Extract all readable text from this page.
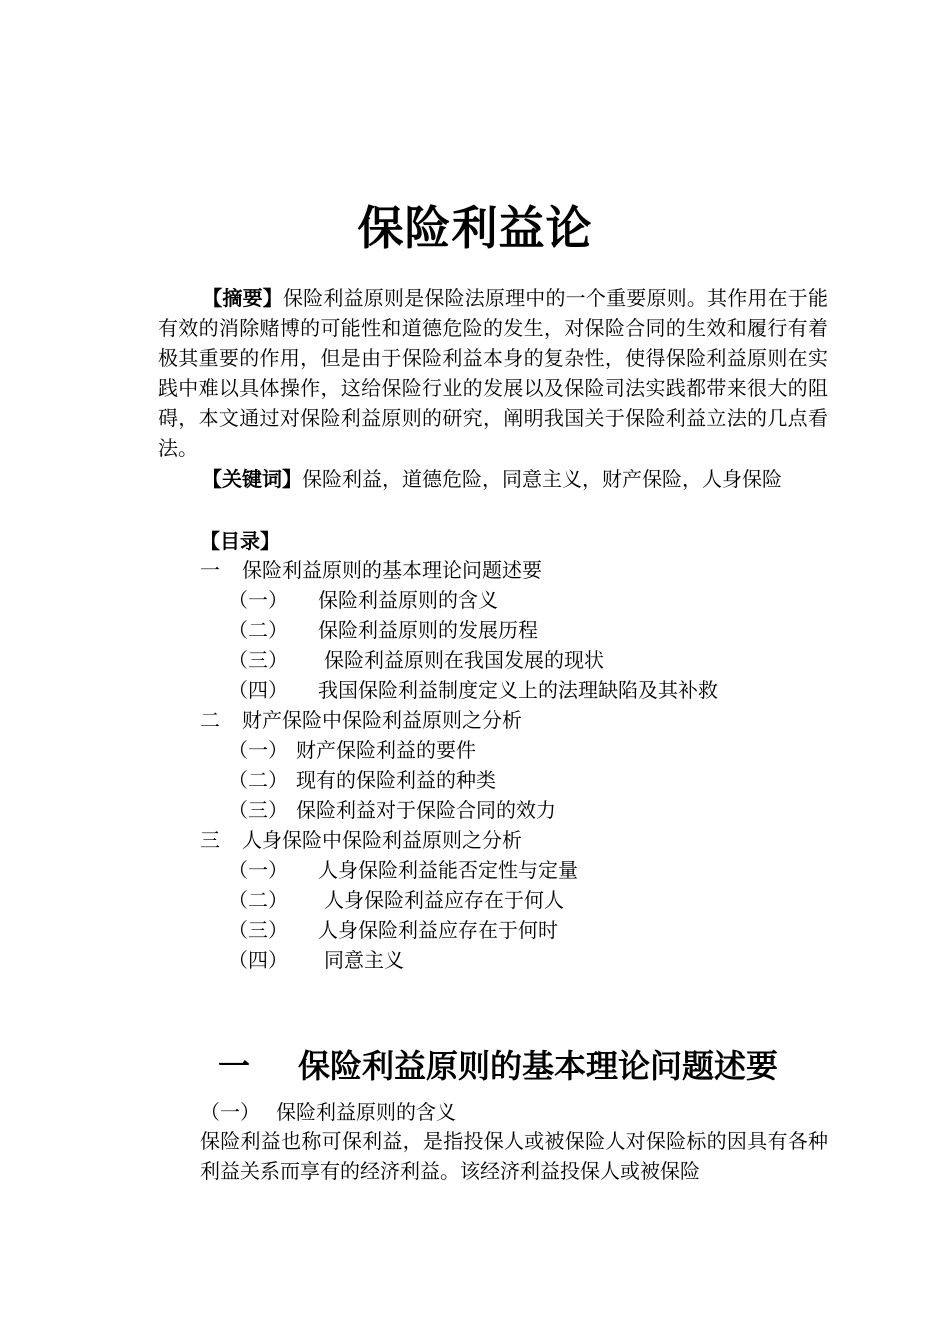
保险利益论
【摘要】保险利益原则是保险法原理中的一个重要原则。其作用在于能有效的消除赌博的可能性和道德危险的发生，对保险合同的生效和履行有着极其重要的作用，但是由于保险利益本身的复杂性，使得保险利益原则在实践中难以具体操作，这给保险行业的发展以及保险司法实践都带来很大的阻碍，本文通过对保险利益原则的研究，阐明我国关于保险利益立法的几点看法。
【关键词】保险利益，道德危险，同意主义，财产保险，人身保险
【目录】
一 保险利益原则的基本理论问题述要
（一） 保险利益原则的含义
（二） 保险利益原则的发展历程
（三） 保险利益原则在我国发展的现状
（四） 我国保险利益制度定义上的法理缺陷及其补救
二 财产保险中保险利益原则之分析
（一） 财产保险利益的要件
（二） 现有的保险利益的种类
（三） 保险利益对于保险合同的效力
三 人身保险中保险利益原则之分析
（一） 人身保险利益能否定性与定量
（二） 人身保险利益应存在于何人
（三） 人身保险利益应存在于何时
（四） 同意主义
一 保险利益原则的基本理论问题述要
（一） 保险利益原则的含义
保险利益也称可保利益，是指投保人或被保险人对保险标的因具有各种利益关系而享有的经济利益。该经济利益投保人或被保险
